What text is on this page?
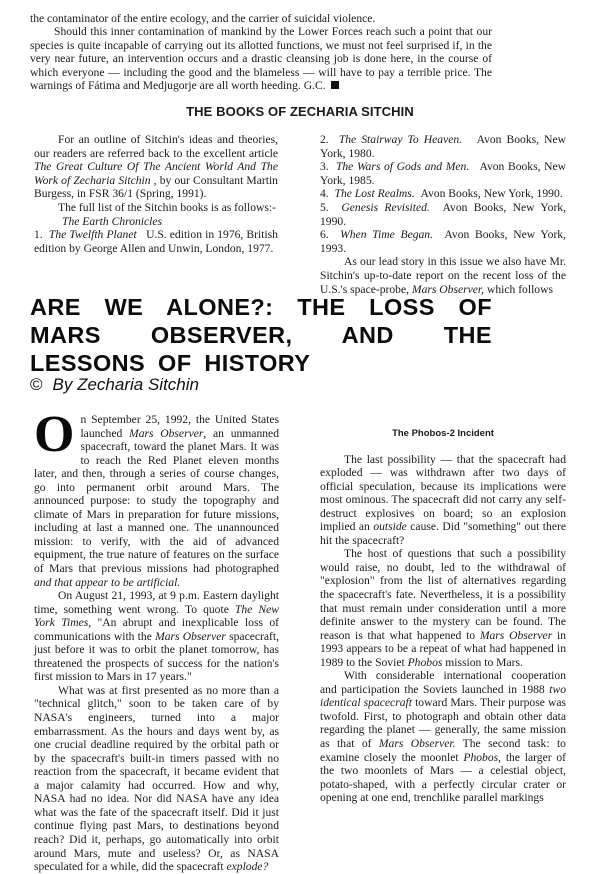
the contaminator of the entire ecology, and the carrier of suicidal violence.

Should this inner contamination of mankind by the Lower Forces reach such a point that our species is quite incapable of carrying out its allotted functions, we must not feel surprised if, in the very near future, an intervention occurs and a drastic cleansing job is done here, in the course of which everyone — including the good and the blameless — will have to pay a terrible price. The warnings of Fátima and Medjugorje are all worth heeding. G.C.

THE BOOKS OF ZECHARIA SITCHIN

For an outline of Sitchin's ideas and theories, our readers are referred back to the excellent article The Great Culture Of The Ancient World And The Work of Zecharia Sitchin , by our Consultant Martin Burgess, in FSR 36/1 (Spring, 1991).

The full list of the Sitchin books is as follows:-

The Earth Chronicles

1. The Twelfth Planet U.S. edition in 1976, British edition by George Allen and Unwin, London, 1977.

2. The Stairway To Heaven. Avon Books, New York, 1980.

3. The Wars of Gods and Men. Avon Books, New York, 1985.

4. The Lost Realms. Avon Books, New York, 1990.

5. Genesis Revisited. Avon Books, New York, 1990.

6. When Time Began. Avon Books, New York, 1993.

As our lead story in this issue we also have Mr. Sitchin's up-to-date report on the recent loss of the U.S.'s space-probe, Mars Observer, which follows

ARE WE ALONE?: THE LOSS OF MARS OBSERVER, AND THE LESSONS OF HISTORY

© By Zecharia Sitchin

On September 25, 1992, the United States launched Mars Observer, an unmanned spacecraft, toward the planet Mars. It was to reach the Red Planet eleven months later, and then, through a series of course changes, go into permanent orbit around Mars. The announced purpose: to study the topography and climate of Mars in preparation for future missions, including at last a manned one. The unannounced mission: to verify, with the aid of advanced equipment, the true nature of features on the surface of Mars that previous missions had photographed and that appear to be artificial.

On August 21, 1993, at 9 p.m. Eastern daylight time, something went wrong. To quote The New York Times, "An abrupt and inexplicable loss of communications with the Mars Observer spacecraft, just before it was to orbit the planet tomorrow, has threatened the prospects of success for the nation's first mission to Mars in 17 years."

What was at first presented as no more than a "technical glitch," soon to be taken care of by NASA's engineers, turned into a major embarrassment. As the hours and days went by, as one crucial deadline required by the orbital path or by the spacecraft's built-in timers passed with no reaction from the spacecraft, it became evident that a major calamity had occurred. How and why, NASA had no idea. Nor did NASA have any idea what was the fate of the spacecraft itself. Did it just continue flying past Mars, to destinations beyond reach? Did it, perhaps, go automatically into orbit around Mars, mute and useless? Or, as NASA speculated for a while, did the spacecraft explode?

The Phobos-2 Incident

The last possibility — that the spacecraft had exploded — was withdrawn after two days of official speculation, because its implications were most ominous. The spacecraft did not carry any self-destruct explosives on board; so an explosion implied an outside cause. Did "something" out there hit the spacecraft?

The host of questions that such a possibility would raise, no doubt, led to the withdrawal of "explosion" from the list of alternatives regarding the spacecraft's fate. Nevertheless, it is a possibility that must remain under consideration until a more definite answer to the mystery can be found. The reason is that what happened to Mars Observer in 1993 appears to be a repeat of what had happened in 1989 to the Soviet Phobos mission to Mars.

With considerable international cooperation and participation the Soviets launched in 1988 two identical spacecraft toward Mars. Their purpose was twofold. First, to photograph and obtain other data regarding the planet — generally, the same mission as that of Mars Observer. The second task: to examine closely the moonlet Phobos, the larger of the two moonlets of Mars — a celestial object, potato-shaped, with a perfectly circular crater or opening at one end, trenchlike parallel markings
